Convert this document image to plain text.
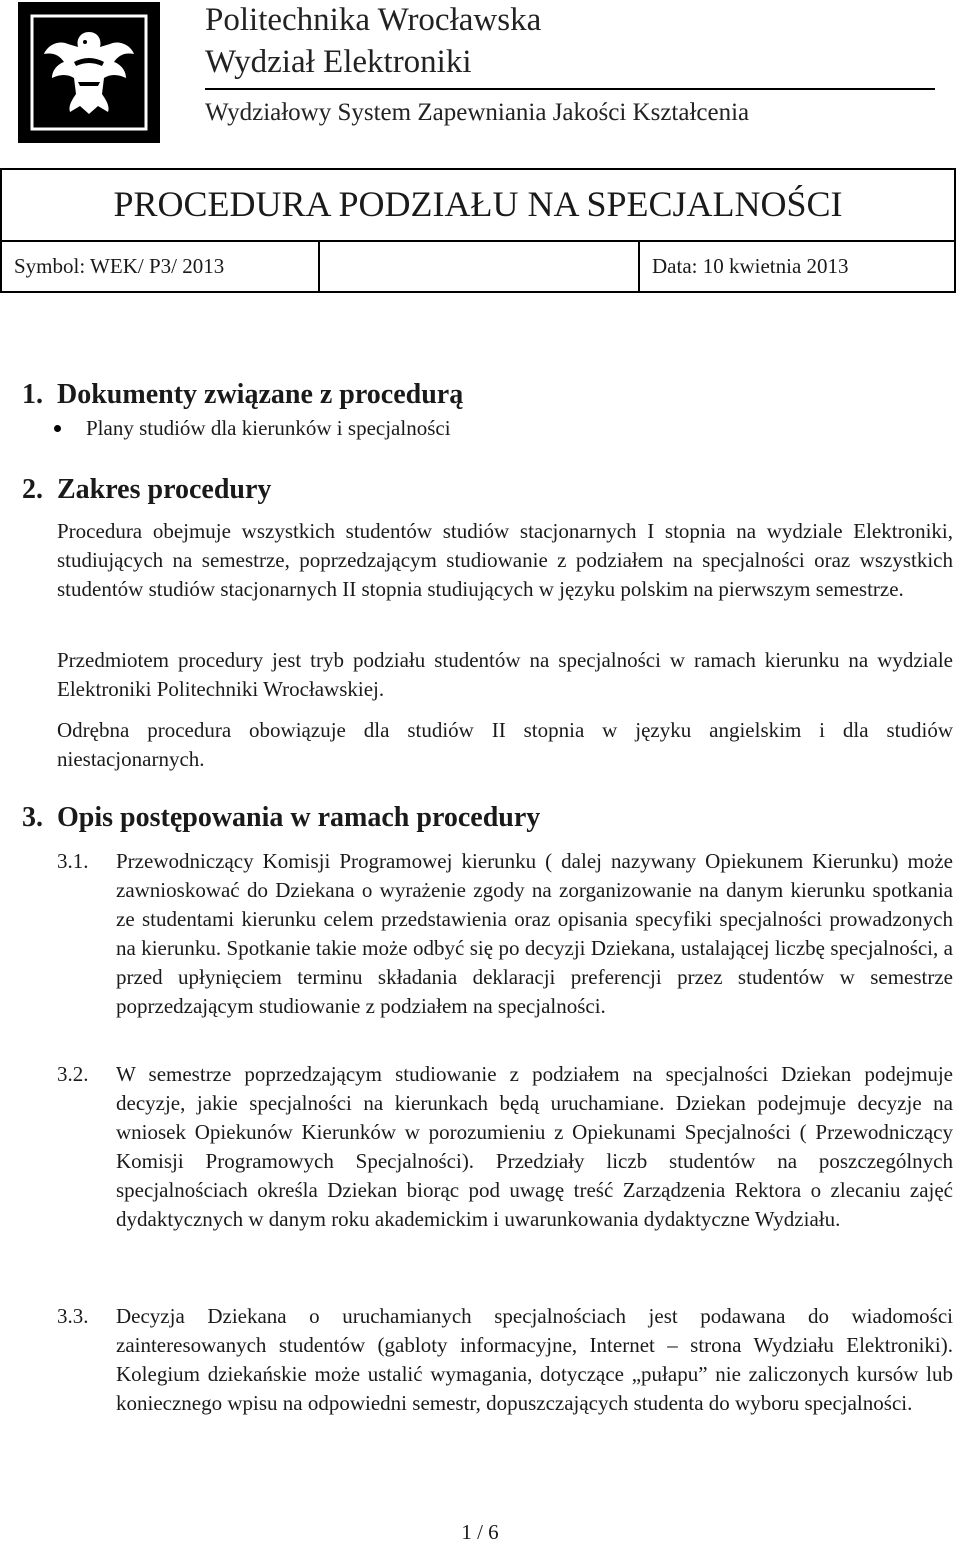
Politechnika Wrocławska
Wydział Elektroniki
Wydziałowy System Zapewniania Jakości Kształcenia
PROCEDURA PODZIAŁU NA SPECJALNOŚCI
Symbol: WEK/ P3/ 2013	Data: 10 kwietnia 2013
1. Dokumenty związane z procedurą
Plany studiów dla kierunków i specjalności
2. Zakres procedury
Procedura obejmuje wszystkich studentów studiów stacjonarnych I stopnia na wydziale Elektroniki, studiujących na semestrze, poprzedzającym studiowanie z podziałem na specjalności oraz wszystkich studentów studiów stacjonarnych II stopnia studiujących w języku polskim na pierwszym semestrze.
Przedmiotem procedury jest tryb podziału studentów na specjalności w ramach kierunku na wydziale Elektroniki Politechniki Wrocławskiej.
Odrębna procedura obowiązuje dla studiów II stopnia w języku angielskim i dla studiów niestacjonarnych.
3. Opis postępowania w ramach procedury
3.1. Przewodniczący Komisji Programowej kierunku ( dalej nazywany Opiekunem Kierunku) może zawnioskować do Dziekana o wyrażenie zgody na zorganizowanie na danym kierunku spotkania ze studentami kierunku celem przedstawienia oraz opisania specyfiki specjalności prowadzonych na kierunku. Spotkanie takie może odbyć się po decyzji Dziekana, ustalającej liczbę specjalności, a przed upłynięciem terminu składania deklaracji preferencji przez studentów w semestrze poprzedzającym studiowanie z podziałem na specjalności.
3.2. W semestrze poprzedzającym studiowanie z podziałem na specjalności Dziekan podejmuje decyzje, jakie specjalności na kierunkach będą uruchamiane. Dziekan podejmuje decyzje na wniosek Opiekunów Kierunków w porozumieniu z Opiekunami Specjalności ( Przewodniczący Komisji Programowych Specjalności). Przedziały liczb studentów na poszczególnych specjalnościach określa Dziekan biorąc pod uwagę treść Zarządzenia Rektora o zlecaniu zajęć dydaktycznych w danym roku akademickim i uwarunkowania dydaktyczne Wydziału.
3.3. Decyzja Dziekana o uruchamianych specjalnościach jest podawana do wiadomości zainteresowanych studentów (gabloty informacyjne, Internet – strona Wydziału Elektroniki). Kolegium dziekańskie może ustalić wymagania, dotyczące „pułapu” nie zaliczonych kursów lub koniecznego wpisu na odpowiedni semestr, dopuszczających studenta do wyboru specjalności.
1 / 6
